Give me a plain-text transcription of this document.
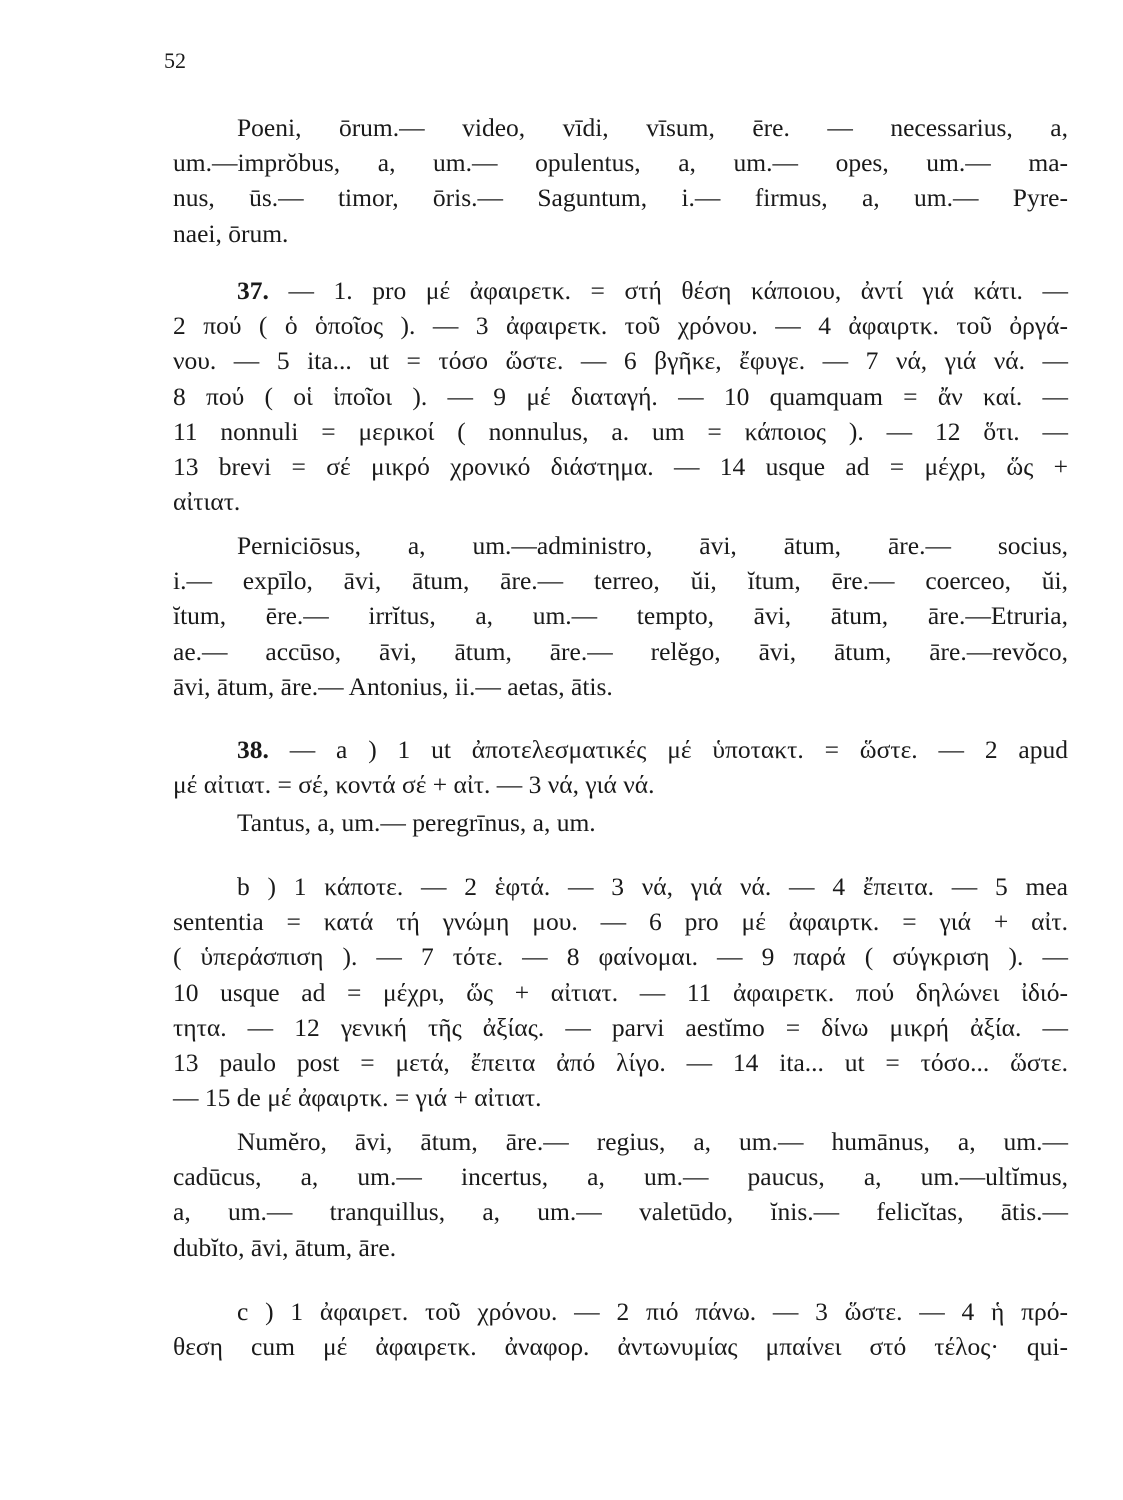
52
Poeni, ōrum.— video, vīdi, vīsum, ēre. — necessarius, a,
um.—imprŏbus, a, um.— opulentus, a, um.— opes, um.— ma-
nus, ūs.— timor, ōris.— Saguntum, i.— firmus, a, um.— Pyre-
naei, ōrum.
37. — 1. pro μέ ἀφαιρετκ. = στή θέση κάποιου, ἀντί γιά κάτι. —
2 πού ( ὁ ὁποῖος ). — 3 ἀφαιρετκ. τοῦ χρόνου. — 4 ἀφαιρτκ. τοῦ ὀργά-
νου. — 5 ita... ut = τόσο ὥστε. — 6 βγῆκε, ἔφυγε. — 7 νά, γιά νά. —
8 πού ( οἱ ἱποῖοι ). — 9 μέ διαταγή. — 10 quamquam = ἄν καί. —
11 nonnuli = μερικοί ( nonnulus, a. um = κάποιος ). — 12 ὅτι. —
13 brevi = σέ μικρό χρονικό διάστημα. — 14 usque ad = μέχρι, ὥς +
αἰτιατ.
Perniciōsus, a, um.—administro, āvi, ātum, āre.— socius,
i.— expīlo, āvi, ātum, āre.— terreo, ŭi, ĭtum, ēre.— coerceo, ŭi,
ĭtum, ēre.— irrĭtus, a, um.— tempto, āvi, ātum, āre.—Etruria,
ae.— accūso, āvi, ātum, āre.— relĕgo, āvi, ātum, āre.—revŏco,
āvi, ātum, āre.— Antonius, ii.— aetas, ātis.
38. — a ) 1 ut ἀποτελεσματικές μέ ὑποτακτ. = ὥστε. — 2 apud
μέ αἰτιατ. = σέ, κοντά σέ + αἰτ. — 3 νά, γιά νά.
Tantus, a, um.— peregrīnus, a, um.
b ) 1 κάποτε. — 2 ἑφτά. — 3 νά, γιά νά. — 4 ἔπειτα. — 5 mea
sententia = κατά τή γνώμη μου. — 6 pro μέ ἀφαιρτκ. = γιά + αἰτ.
( ὑπεράσπιση ). — 7 τότε. — 8 φαίνομαι. — 9 παρά ( σύγκριση ). —
10 usque ad = μέχρι, ὥς + αἰτιατ. — 11 ἀφαιρετκ. πού δηλώνει ἰδιό-
τητα. — 12 γενική τῆς ἀξίας. — parvi aestĭmo = δίνω μικρή ἀξία. —
13 paulo post = μετά, ἔπειτα ἀπό λίγο. — 14 ita... ut = τόσο... ὥστε.
— 15 de μέ ἀφαιρτκ. = γιά + αἰτιατ.
Numĕro, āvi, ātum, āre.— regius, a, um.— humānus, a, um.—
cadūcus, a, um.— incertus, a, um.— paucus, a, um.—ultĭmus,
a, um.— tranquillus, a, um.— valetūdo, ĭnis.— felicĭtas, ātis.—
dubĭto, āvi, ātum, āre.
c ) 1 ἀφαιρετ. τοῦ χρόνου. — 2 πιό πάνω. — 3 ὥστε. — 4 ἡ πρό-
θεση cum μέ ἀφαιρετκ. ἀναφορ. ἀντωνυμίας μπαίνει στό τέλος· qui-
